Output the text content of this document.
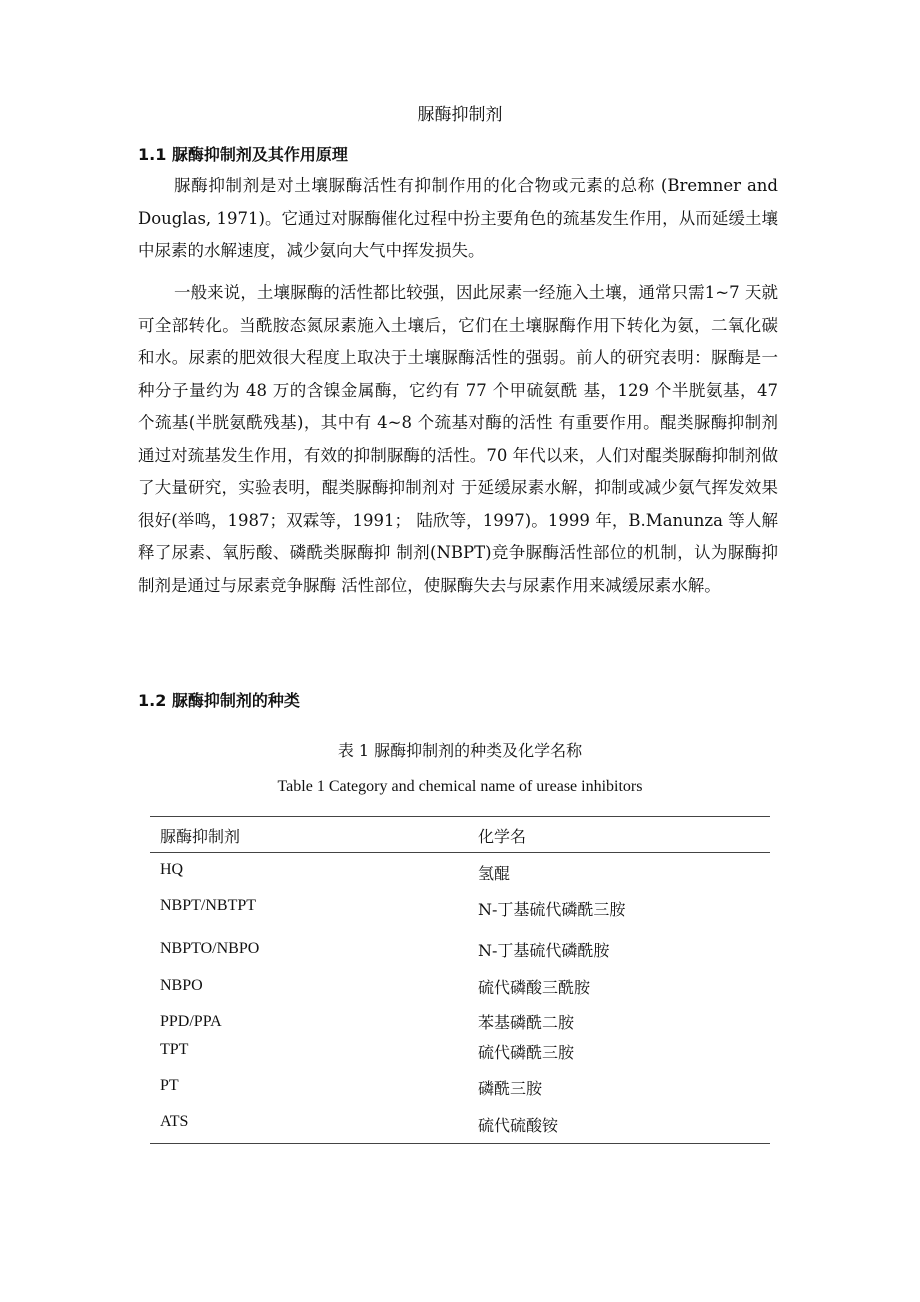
脲酶抑制剂
1.1 脲酶抑制剂及其作用原理

脲酶抑制剂是对土壤脲酶活性有抑制作用的化合物或元素的总称 (Bremner and Douglas, 1971)。它通过对脲酶催化过程中扮主要角色的巯基发生作用，从而延缓土壤中尿素的水解速度，减少氨向大气中挥发损失。

一般来说，土壤脲酶的活性都比较强，因此尿素一经施入土壤，通常只需1~7 天就可全部转化。当酰胺态氮尿素施入土壤后，它们在土壤脲酶作用下转化为氨，二氧化碳和水。尿素的肥效很大程度上取决于土壤脲酶活性的强弱。前人的研究表明：脲酶是一种分子量约为 48 万的含镍金属酶，它约有 77 个甲硫氨酰 基，129 个半胱氨基，47 个巯基(半胱氨酰残基)，其中有 4~8 个巯基对酶的活性 有重要作用。醌类脲酶抑制剂通过对巯基发生作用，有效的抑制脲酶的活性。70 年代以来，人们对醌类脲酶抑制剂做了大量研究，实验表明，醌类脲酶抑制剂对 于延缓尿素水解，抑制或减少氨气挥发效果很好(举鸣，1987；双霖等，1991； 陆欣等，1997)。1999 年，B.Manunza 等人解释了尿素、氧肟酸、磷酰类脲酶抑 制剂(NBPT)竞争脲酶活性部位的机制，认为脲酶抑制剂是通过与尿素竞争脲酶 活性部位，使脲酶失去与尿素作用来减缓尿素水解。

1.2 脲酶抑制剂的种类

表 1 脲酶抑制剂的种类及化学名称

Table 1 Category and chemical name of urease inhibitors

脲酶抑制剂	化学名
HQ	氢醌
NBPT/NBTPT	N-丁基硫代磷酰三胺
NBPTO/NBPO	N-丁基硫代磷酰胺
NBPO	硫代磷酸三酰胺
PPD/PPA	苯基磷酰二胺
TPT	硫代磷酰三胺
PT	磷酰三胺
ATS	硫代硫酸铵
